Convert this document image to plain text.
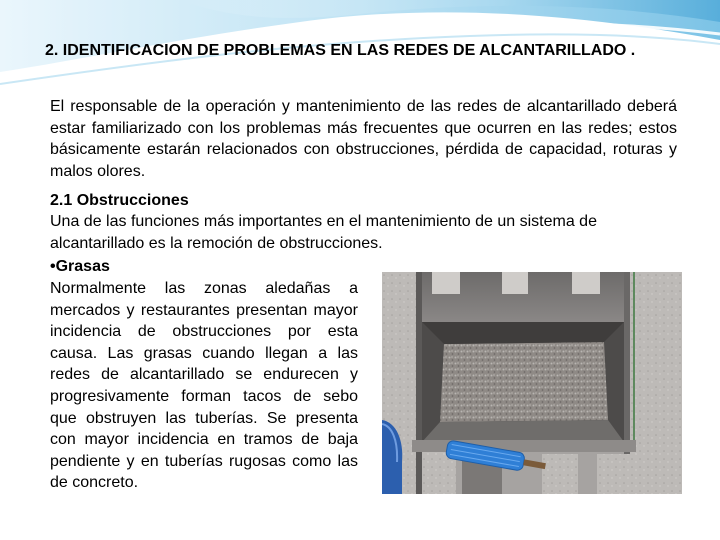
2. IDENTIFICACION DE PROBLEMAS EN LAS REDES DE ALCANTARILLADO .
El responsable de la operación y mantenimiento de las redes de alcantarillado deberá estar familiarizado con los problemas más frecuentes que ocurren en las redes; estos básicamente estarán relacionados con obstrucciones, pérdida de capacidad, roturas y malos olores.
2.1 Obstrucciones
Una de las funciones más importantes en el mantenimiento de un sistema de alcantarillado es la remoción de obstrucciones.
•Grasas
Normalmente las zonas aledañas a mercados y restaurantes presentan mayor incidencia de obstrucciones por esta causa. Las grasas cuando llegan a las redes de alcantarillado se endurecen y progresivamente forman tacos de sebo que obstruyen las tuberías. Se presenta con mayor incidencia en tramos de baja pendiente y en tuberías rugosas como las de concreto.
